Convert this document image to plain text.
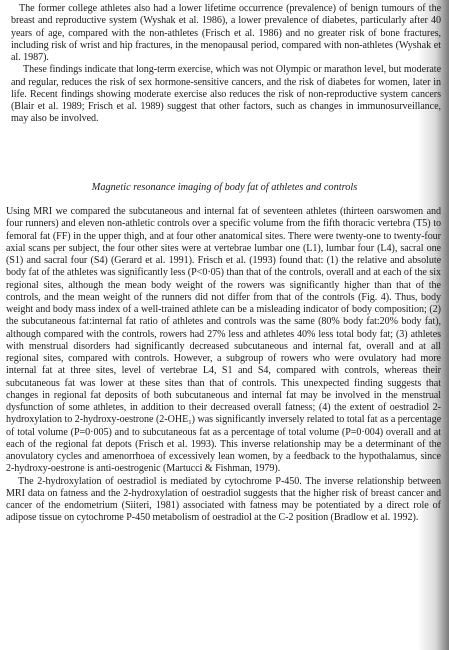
The former college athletes also had a lower lifetime occurrence (prevalence) of benign tumours of the breast and reproductive system (Wyshak et al. 1986), a lower prevalence of diabetes, particularly after 40 years of age, compared with the non-athletes (Frisch et al. 1986) and no greater risk of bone fractures, including risk of wrist and hip fractures, in the menopausal period, compared with non-athletes (Wyshak et al. 1987).

These findings indicate that long-term exercise, which was not Olympic or marathon level, but moderate and regular, reduces the risk of sex hormone-sensitive cancers, and the risk of diabetes for women, later in life. Recent findings showing moderate exercise also reduces the risk of non-reproductive system cancers (Blair et al. 1989; Frisch et al. 1989) suggest that other factors, such as changes in immunosurveillance, may also be involved.

Magnetic resonance imaging of body fat of athletes and controls

Using MRI we compared the subcutaneous and internal fat of seventeen athletes (thirteen oarswomen and four runners) and eleven non-athletic controls over a specific volume from the fifth thoracic vertebra (T5) to femoral fat (FF) in the upper thigh, and at four other anatomical sites. There were twenty-one to twenty-four axial scans per subject, the four other sites were at vertebrae lumbar one (L1), lumbar four (L4), sacral one (S1) and sacral four (S4) (Gerard et al. 1991). Frisch et al. (1993) found that: (1) the relative and absolute body fat of the athletes was significantly less (P<0·05) than that of the controls, overall and at each of the six regional sites, although the mean body weight of the rowers was significantly higher than that of the controls, and the mean weight of the runners did not differ from that of the controls (Fig. 4). Thus, body weight and body mass index of a well-trained athlete can be a misleading indicator of body composition; (2) the subcutaneous fat:internal fat ratio of athletes and controls was the same (80% body fat:20% body fat), although compared with the controls, rowers had 27% less and athletes 40% less total body fat; (3) athletes with menstrual disorders had significantly decreased subcutaneous and internal fat, overall and at all regional sites, compared with controls. However, a subgroup of rowers who were ovulatory had more internal fat at three sites, level of vertebrae L4, S1 and S4, compared with controls, whereas their subcutaneous fat was lower at these sites than that of controls. This unexpected finding suggests that changes in regional fat deposits of both subcutaneous and internal fat may be involved in the menstrual dysfunction of some athletes, in addition to their decreased overall fatness; (4) the extent of oestradiol 2-hydroxylation to 2-hydroxy-oestrone (2-OHE₁) was significantly inversely related to total fat as a percentage of total volume (P=0·005) and to subcutaneous fat as a percentage of total volume (P=0·004) overall and at each of the regional fat depots (Frisch et al. 1993). This inverse relationship may be a determinant of the anovulatory cycles and amenorrhoea of excessively lean women, by a feedback to the hypothalamus, since 2-hydroxy-oestrone is anti-oestrogenic (Martucci & Fishman, 1979).

The 2-hydroxylation of oestradiol is mediated by cytochrome P-450. The inverse relationship between MRI data on fatness and the 2-hydroxylation of oestradiol suggests that the higher risk of breast cancer and cancer of the endometrium (Siiteri, 1981) associated with fatness may be potentiated by a direct role of adipose tissue on cytochrome P-450 metabolism of oestradiol at the C-2 position (Bradlow et al. 1992).
